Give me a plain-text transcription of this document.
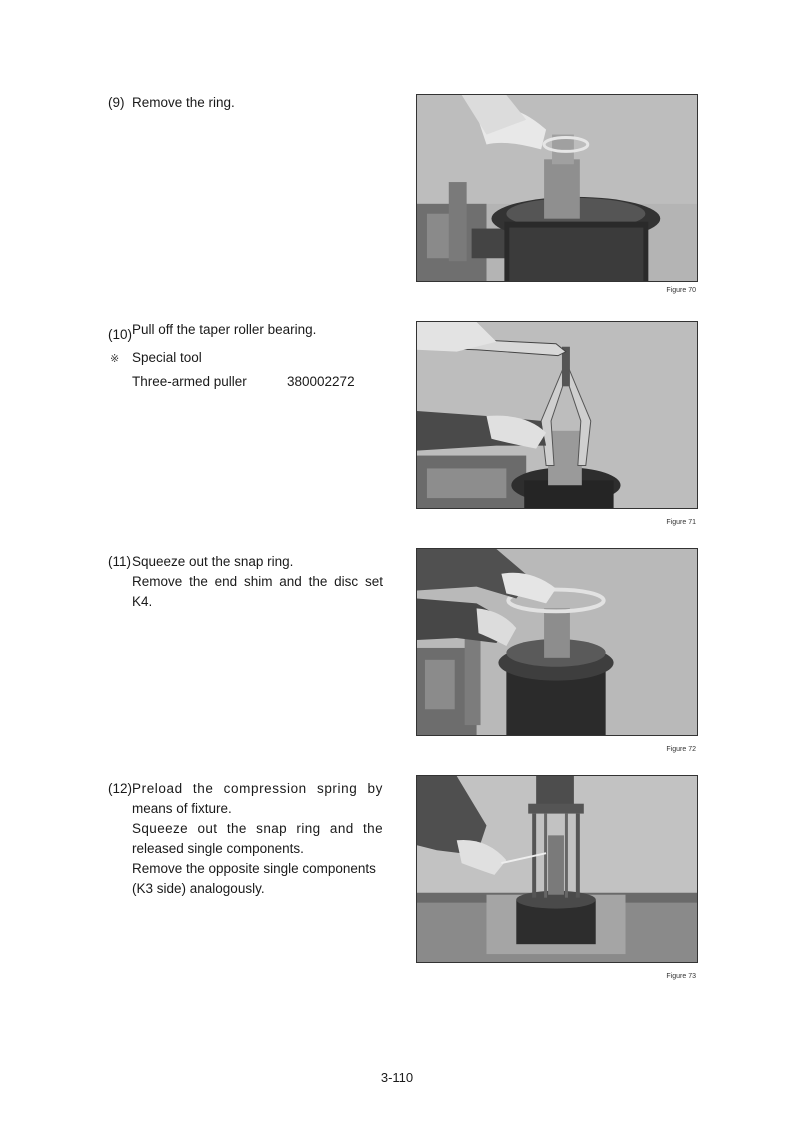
(9) Remove the ring.
(10) Pull off the taper roller bearing.
※ Special tool
Three-armed puller	380002272
(11) Squeeze out the snap ring.
Remove the end shim and the disc set
K4.
(12) Preload the compression spring by
means of fixture.
Squeeze out the snap ring and the
released single components.
Remove the opposite single components
(K3 side) analogously.
Figure 70
Figure 71
Figure 72
Figure 73
3-110
